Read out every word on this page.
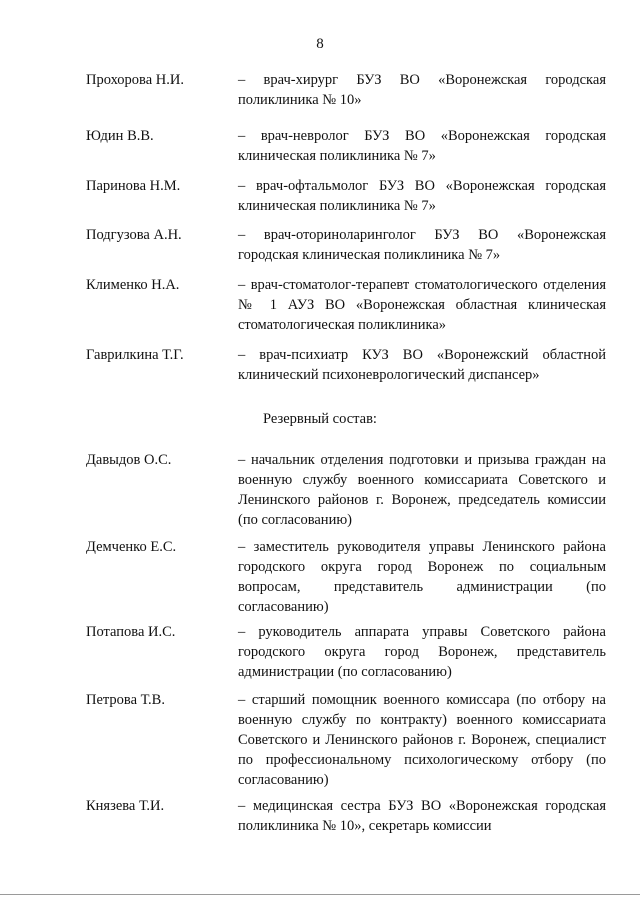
8
Прохорова Н.И.	– врач-хирург БУЗ ВО «Воронежская городская поликлиника № 10»
Юдин В.В.	– врач-невролог БУЗ ВО «Воронежская городская клиническая поликлиника № 7»
Паринова Н.М.	– врач-офтальмолог БУЗ ВО «Воронежская городская клиническая поликлиника № 7»
Подгузова А.Н.	– врач-оториноларинголог БУЗ ВО «Воронежская городская клиническая поликлиника № 7»
Клименко Н.А.	– врач-стоматолог-терапевт стоматологического отделения № 1 АУЗ ВО «Воронежская областная клиническая стоматологическая поликлиника»
Гаврилкина Т.Г.	– врач-психиатр КУЗ ВО «Воронежский областной клинический психоневрологический диспансер»
Резервный состав:
Давыдов О.С.	– начальник отделения подготовки и призыва граждан на военную службу военного комиссариата Советского и Ленинского районов г. Воронеж, председатель комиссии (по согласованию)
Демченко Е.С.	– заместитель руководителя управы Ленинского района городского округа город Воронеж по социальным вопросам, представитель администрации (по согласованию)
Потапова И.С.	– руководитель аппарата управы Советского района городского округа город Воронеж, представитель администрации (по согласованию)
Петрова Т.В.	– старший помощник военного комиссара (по отбору на военную службу по контракту) военного комиссариата Советского и Ленинского районов г. Воронеж, специалист по профессиональному психологическому отбору (по согласованию)
Князева Т.И.	– медицинская сестра БУЗ ВО «Воронежская городская поликлиника № 10», секретарь комиссии
